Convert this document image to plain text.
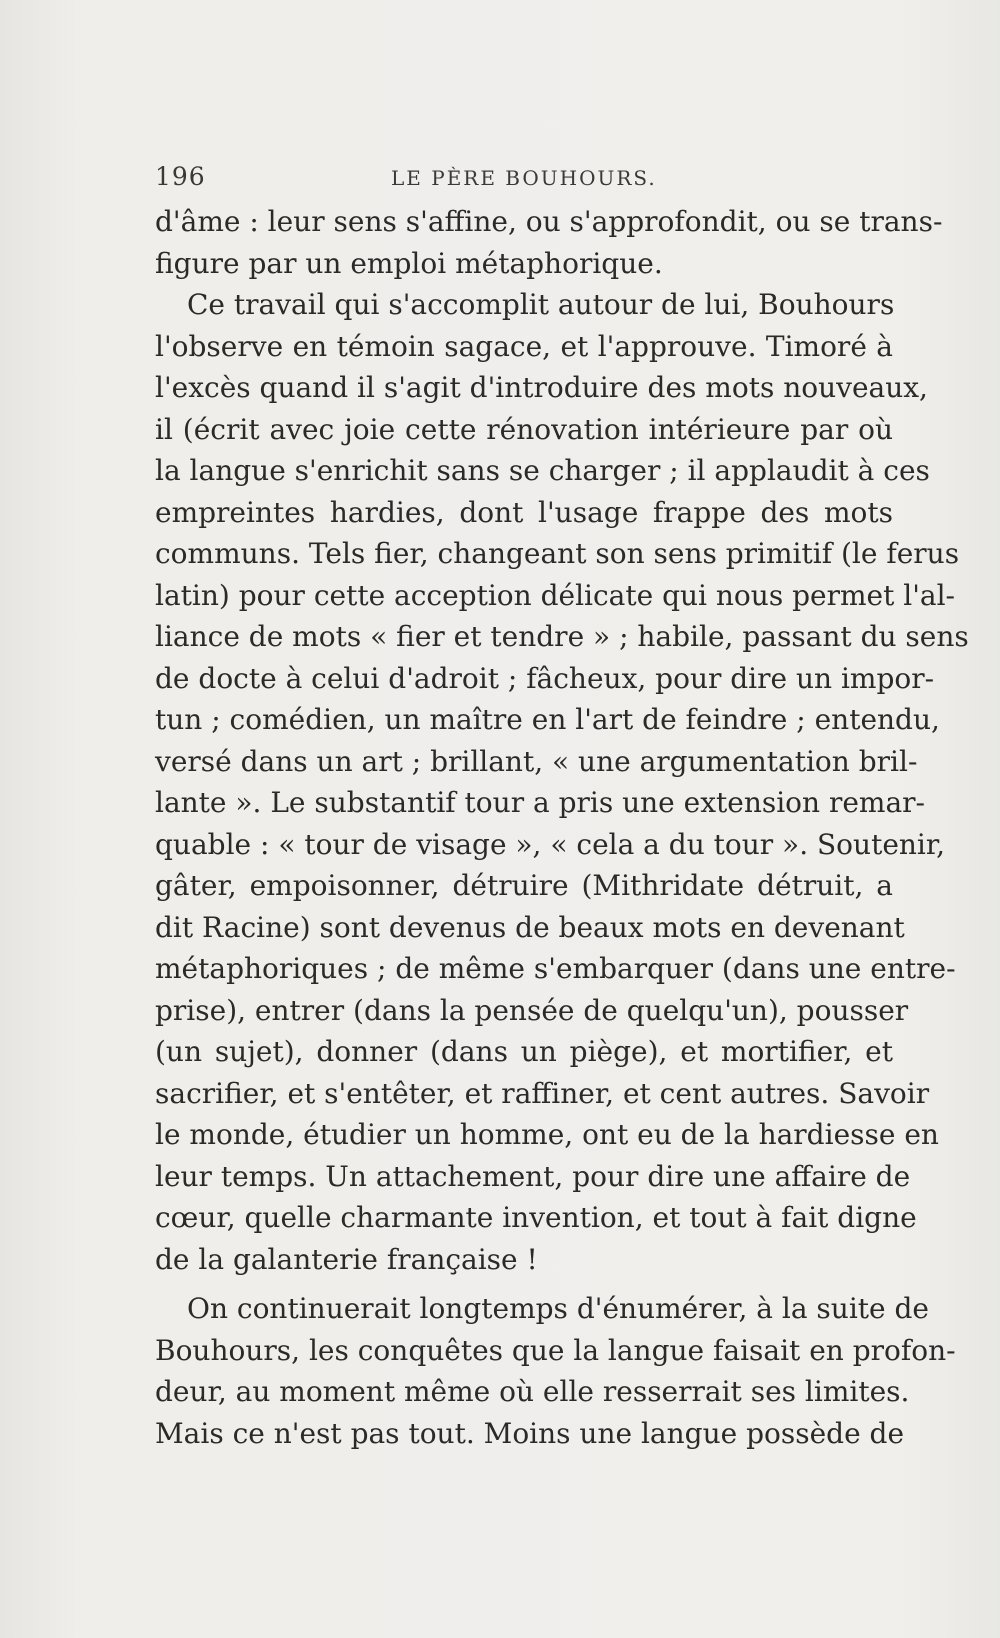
196	LE PÈRE BOUHOURS.
d'âme : leur sens s'affine, ou s'approfondit, ou se trans-
figure par un emploi métaphorique.
Ce travail qui s'accomplit autour de lui, Bouhours
l'observe en témoin sagace, et l'approuve. Timoré à
l'excès quand il s'agit d'introduire des mots nouveaux,
il (écrit avec joie cette rénovation intérieure par où
la langue s'enrichit sans se charger ; il applaudit à ces
empreintes hardies, dont l'usage frappe des mots
communs. Tels fier, changeant son sens primitif (le ferus
latin) pour cette acception délicate qui nous permet l'al-
liance de mots « fier et tendre » ; habile, passant du sens
de docte à celui d'adroit ; fâcheux, pour dire un impor-
tun ; comédien, un maître en l'art de feindre ; entendu,
versé dans un art ; brillant, « une argumentation bril-
lante ». Le substantif tour a pris une extension remar-
quable : « tour de visage », « cela a du tour ». Soutenir,
gâter, empoisonner, détruire (Mithridate détruit, a
dit Racine) sont devenus de beaux mots en devenant
métaphoriques ; de même s'embarquer (dans une entre-
prise), entrer (dans la pensée de quelqu'un), pousser
(un sujet), donner (dans un piège), et mortifier, et
sacrifier, et s'entêter, et raffiner, et cent autres. Savoir
le monde, étudier un homme, ont eu de la hardiesse en
leur temps. Un attachement, pour dire une affaire de
cœur, quelle charmante invention, et tout à fait digne
de la galanterie française !
On continuerait longtemps d'énumérer, à la suite de
Bouhours, les conquêtes que la langue faisait en profon-
deur, au moment même où elle resserrait ses limites.
Mais ce n'est pas tout. Moins une langue possède de
